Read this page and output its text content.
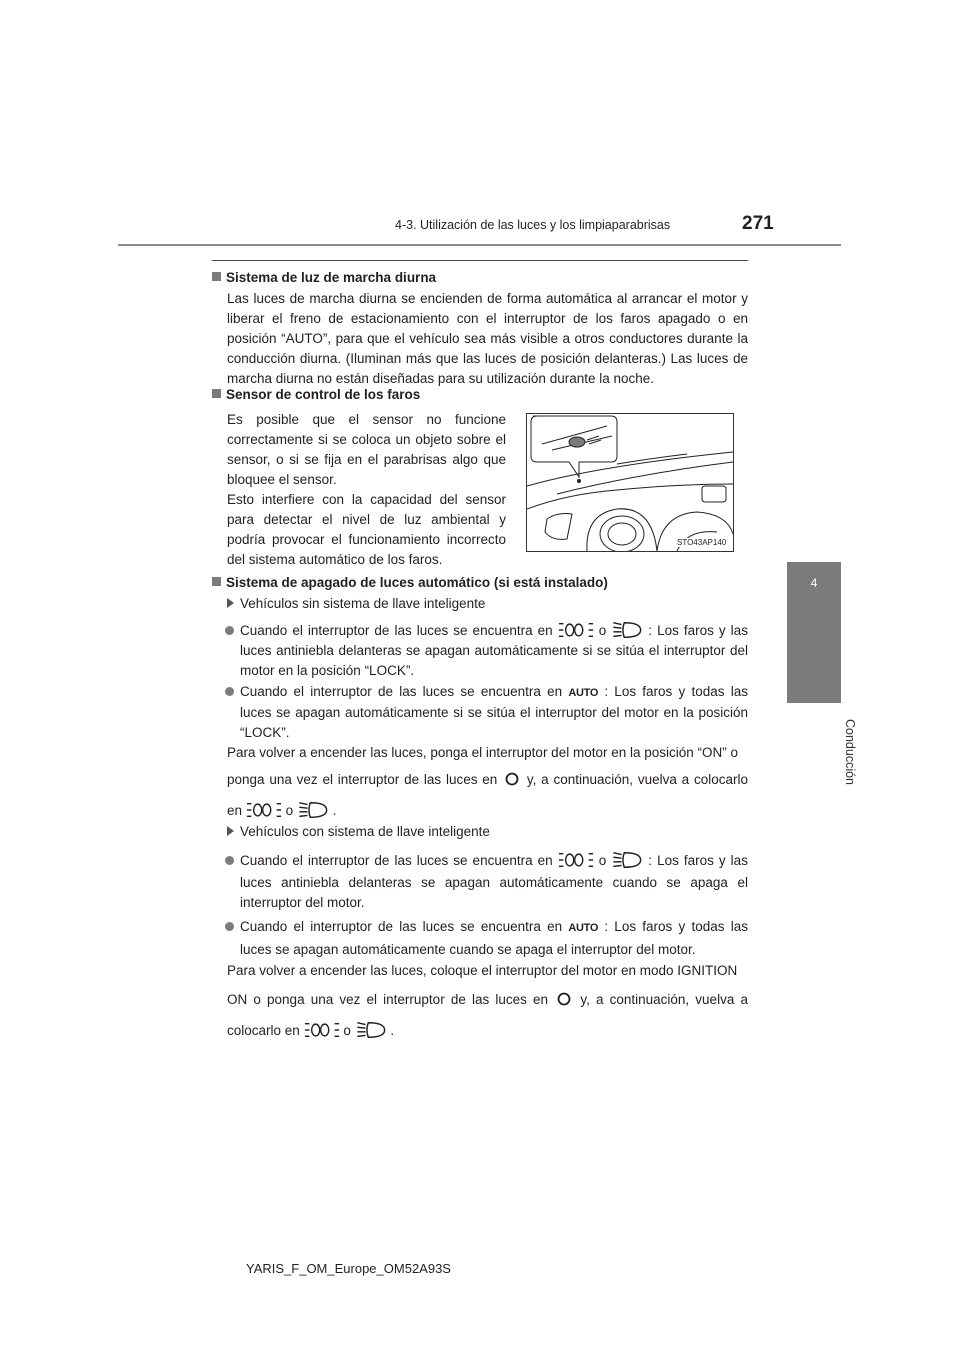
4-3. Utilización de las luces y los limpiaparabrisas	271
4
Conducción
Sistema de luz de marcha diurna
Las luces de marcha diurna se encienden de forma automática al arrancar el motor y liberar el freno de estacionamiento con el interruptor de los faros apagado o en posición “AUTO”, para que el vehículo sea más visible a otros conductores durante la conducción diurna. (Iluminan más que las luces de posición delanteras.) Las luces de marcha diurna no están diseñadas para su utilización durante la noche.
Sensor de control de los faros
Es posible que el sensor no funcione correctamente si se coloca un objeto sobre el sensor, o si se fija en el parabrisas algo que bloquee el sensor.
Esto interfiere con la capacidad del sensor para detectar el nivel de luz ambiental y podría provocar el funcionamiento incorrecto del sistema automático de los faros.
STO43AP140
Sistema de apagado de luces automático (si está instalado)
Vehículos sin sistema de llave inteligente
Cuando el interruptor de las luces se encuentra en	o	: Los faros y las
luces antiniebla delanteras se apagan automáticamente si se sitúa el interruptor del motor en la posición “LOCK”.
Cuando el interruptor de las luces se encuentra en AUTO : Los faros y todas las
luces se apagan automáticamente si se sitúa el interruptor del motor en la posición “LOCK”.
Para volver a encender las luces, ponga el interruptor del motor en la posición “ON” o
ponga una vez el interruptor de las luces en y, a continuación, vuelva a colocarlo
en	o	.
Vehículos con sistema de llave inteligente
Cuando el interruptor de las luces se encuentra en	o	: Los faros y las
luces antiniebla delanteras se apagan automáticamente cuando se apaga el interruptor del motor.
Cuando el interruptor de las luces se encuentra en AUTO : Los faros y todas las
luces se apagan automáticamente cuando se apaga el interruptor del motor.
Para volver a encender las luces, coloque el interruptor del motor en modo IGNITION
ON o ponga una vez el interruptor de las luces en y, a continuación, vuelva a
colocarlo en	o	.
YARIS_F_OM_Europe_OM52A93S
